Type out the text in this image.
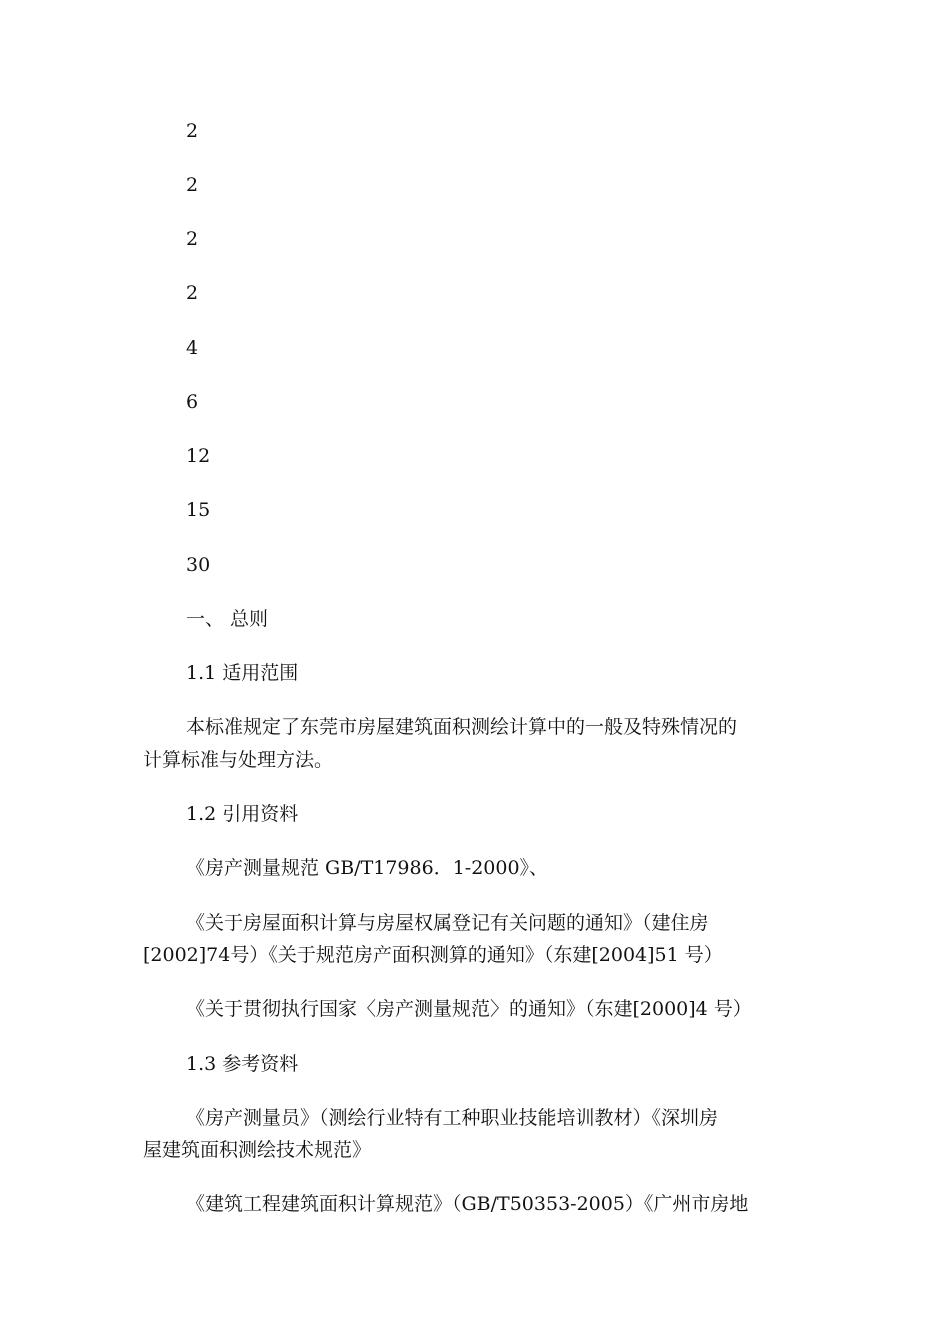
2
2
2
2
4
6
12
15
30
一、 总则
1.1 适用范围
本标准规定了东莞市房屋建筑面积测绘计算中的一般及特殊情况的
计算标准与处理方法。
1.2 引用资料
《房产测量规范 GB/T17986．1-2000》、
《关于房屋面积计算与房屋权属登记有关问题的通知》（建住房
[2002]74号）《关于规范房产面积测算的通知》（东建[2004]51 号）
《关于贯彻执行国家〈房产测量规范〉的通知》（东建[2000]4 号）
1.3 参考资料
《房产测量员》（测绘行业特有工种职业技能培训教材）《深圳房
屋建筑面积测绘技术规范》
《建筑工程建筑面积计算规范》（GB/T50353-2005）《广州市房地
